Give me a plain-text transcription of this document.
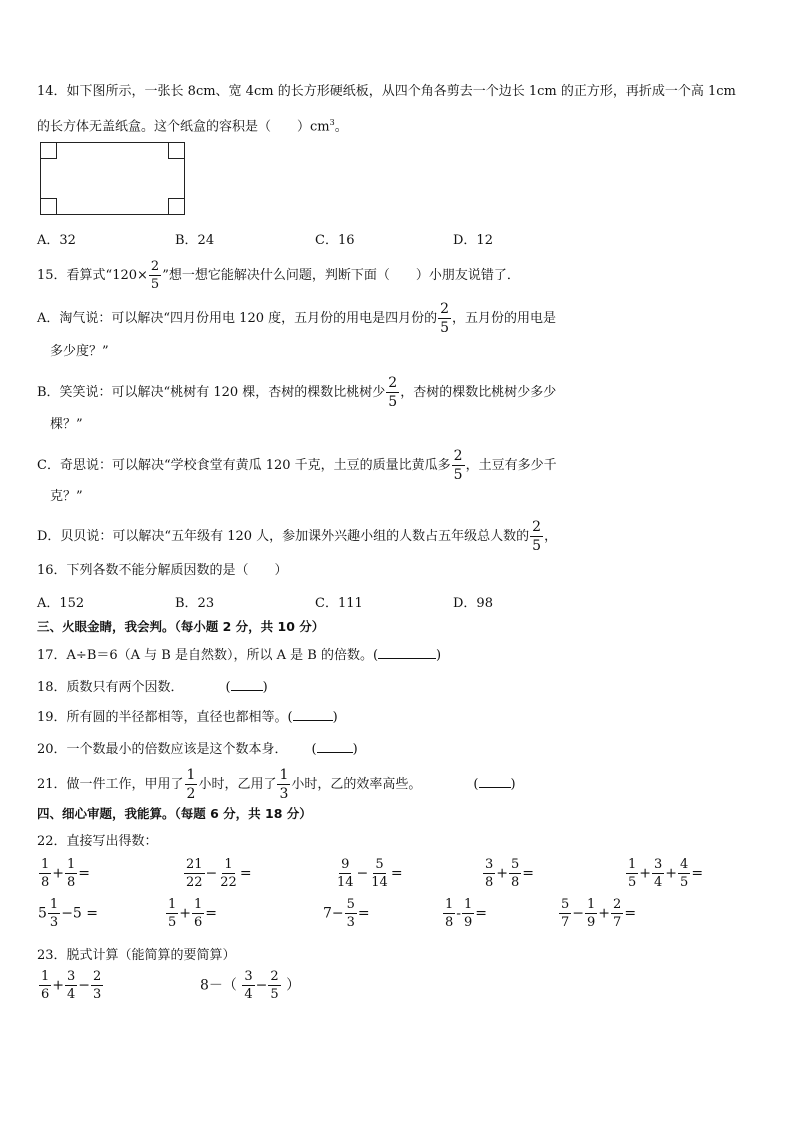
14．如下图所示，一张长 8cm、宽 4cm 的长方形硬纸板，从四个角各剪去一个边长 1cm 的正方形，再折成一个高 1cm
的长方体无盖纸盒。这个纸盒的容积是（　　）$cm^3$。
A．32	B．24	C．16	D．12
15．看算式“$120\times \frac{2}{5}$ ”想一想它能解决什么问题，判断下面（　　）小朋友说错了．
A．淘气说：可以解决“四月份用电 120 度，五月份的用电是四月份的 $\frac{2}{5}$ ，五月份的用电是
多少度？”
B．笑笑说：可以解决“桃树有 120 棵，杏树的棵数比桃树少 $\frac{2}{5}$ ，杏树的棵数比桃树少多少
棵？”
C．奇思说：可以解决“学校食堂有黄瓜 120 千克，土豆的质量比黄瓜多 $\frac{2}{5}$ ，土豆有多少千
克？”
D．贝贝说：可以解决“五年级有 120 人，参加课外兴趣小组的人数占五年级总人数的 $\frac{2}{5}$ ，
16．下列各数不能分解质因数的是（　　）
A．152	B．23	C．111	D．98
三、火眼金睛，我会判。（每小题 2 分，共 10 分）
17．A÷B＝6（A 与 B 是自然数），所以 A 是 B 的倍数。(	)
18．质数只有两个因数．	( )
19．所有圆的半径都相等，直径也都相等。(	)
20．一个数最小的倍数应该是这个数本身． (	)
21．做一件工作，甲用了 $\frac{1}{2}$ 小时，乙用了 $\frac{1}{3}$ 小时，乙的效率高些。	( )
四、细心审题，我能算。（每题 6 分，共 18 分）
22．直接写出得数：
$\frac{1}{8} + \frac{1}{8}$ =	$\frac{21}{22} - \frac{1}{22}$ =	$\frac{9}{14} - \frac{5}{14}$ =	$\frac{3}{8} + \frac{5}{8}$ =	$\frac{1}{5} + \frac{3}{4} + \frac{4}{5}$ =
$5 \frac{1}{3} -5$ =	$\frac{1}{5} + \frac{1}{6}$ =	$7- \frac{5}{3}$ =	$\frac{1}{8} - \frac{1}{9}$ =	$\frac{5}{7} - \frac{1}{9} + \frac{2}{7}$ =
23．脱式计算（能简算的要简算）
$\frac{1}{6} + \frac{3}{4} - \frac{2}{3}$	$8-( \frac{3}{4} - \frac{2}{5}$ ）
